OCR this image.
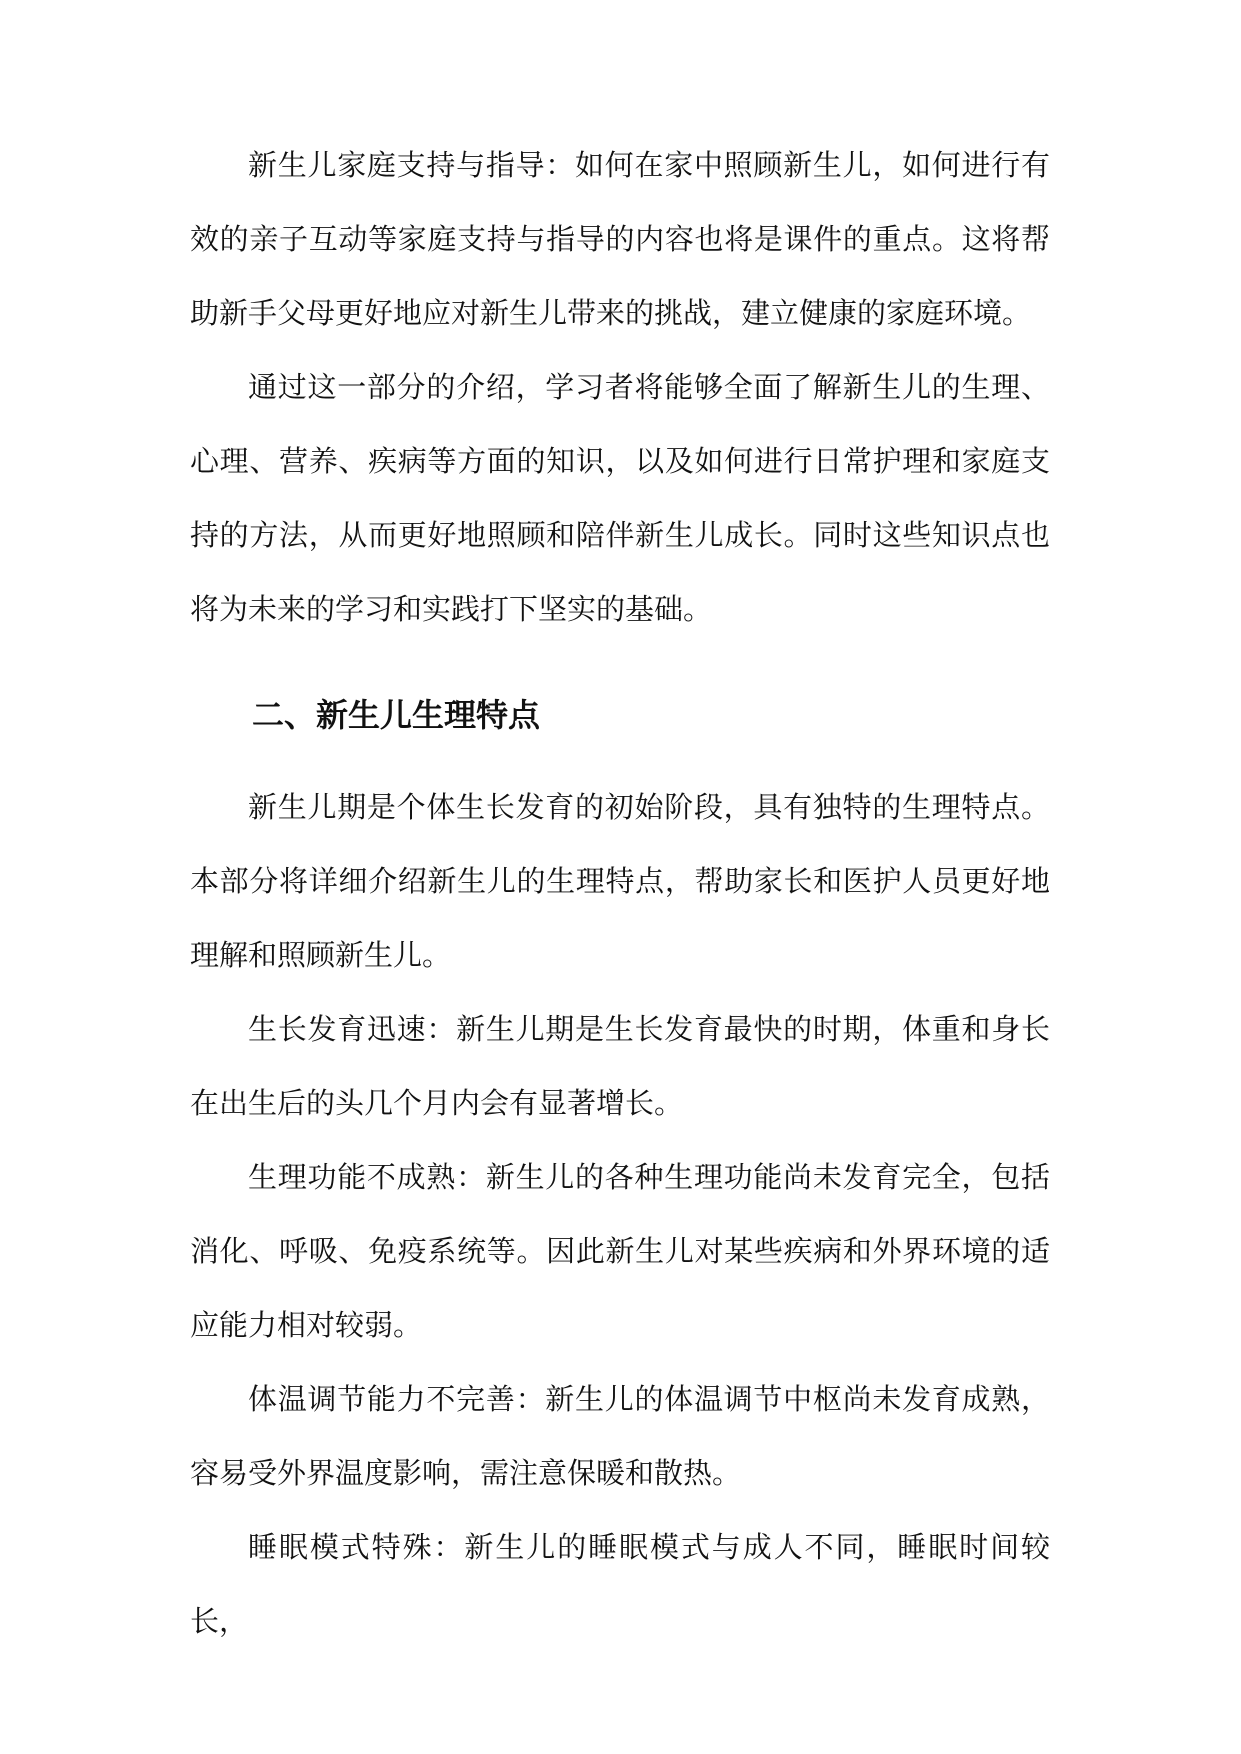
新生儿家庭支持与指导：如何在家中照顾新生儿，如何进行有效的亲子互动等家庭支持与指导的内容也将是课件的重点。这将帮助新手父母更好地应对新生儿带来的挑战，建立健康的家庭环境。

通过这一部分的介绍，学习者将能够全面了解新生儿的生理、心理、营养、疾病等方面的知识，以及如何进行日常护理和家庭支持的方法，从而更好地照顾和陪伴新生儿成长。同时这些知识点也将为未来的学习和实践打下坚实的基础。

二、新生儿生理特点

新生儿期是个体生长发育的初始阶段，具有独特的生理特点。本部分将详细介绍新生儿的生理特点，帮助家长和医护人员更好地理解和照顾新生儿。

生长发育迅速：新生儿期是生长发育最快的时期，体重和身长在出生后的头几个月内会有显著增长。

生理功能不成熟：新生儿的各种生理功能尚未发育完全，包括消化、呼吸、免疫系统等。因此新生儿对某些疾病和外界环境的适应能力相对较弱。

体温调节能力不完善：新生儿的体温调节中枢尚未发育成熟，容易受外界温度影响，需注意保暖和散热。

睡眠模式特殊：新生儿的睡眠模式与成人不同，睡眠时间较长，
